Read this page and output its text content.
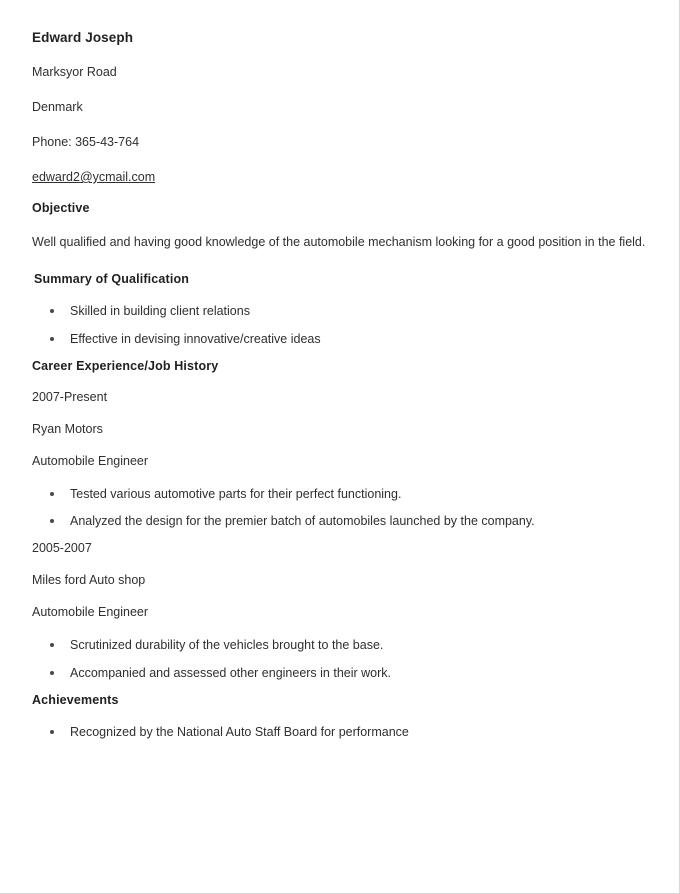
Edward Joseph
Marksyor Road
Denmark
Phone: 365-43-764
edward2@ycmail.com
Objective

Well qualified and having good knowledge of the automobile mechanism looking for a good position in the field.

Summary of Qualification
Skilled in building client relations
Effective in devising innovative/creative ideas
Career Experience/Job History
2007-Present
Ryan Motors
Automobile Engineer
Tested various automotive parts for their perfect functioning.
Analyzed the design for the premier batch of automobiles launched by the company.
2005-2007
Miles ford Auto shop
Automobile Engineer
Scrutinized durability of the vehicles brought to the base.
Accompanied and assessed other engineers in their work.
Achievements
Recognized by the National Auto Staff Board for performance
